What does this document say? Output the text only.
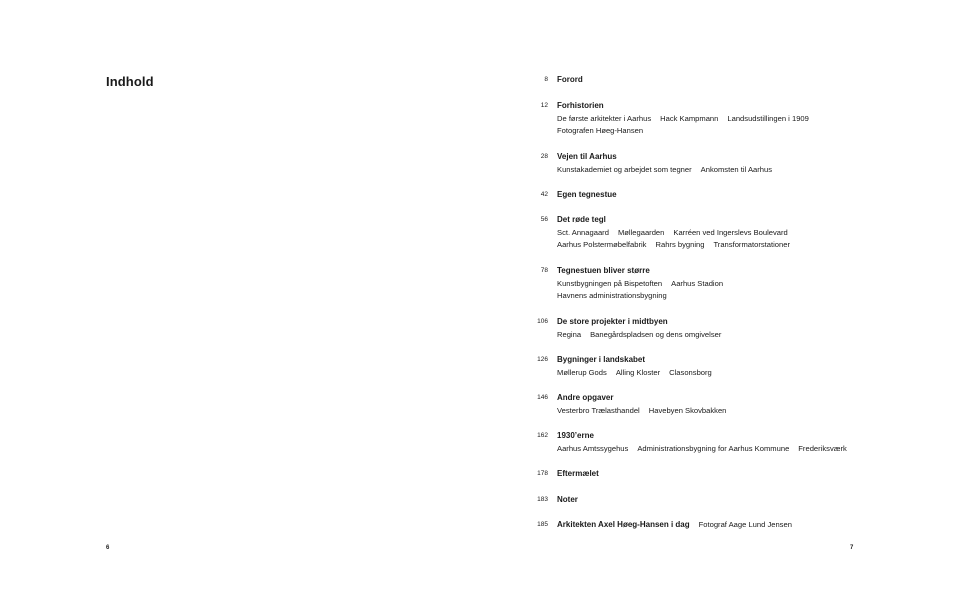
Indhold
6
8 Forord
12 Forhistorien
De første arkitekter i Aarhus Hack Kampmann Landsudstillingen i 1909
Fotografen Høeg-Hansen
28 Vejen til Aarhus
Kunstakademiet og arbejdet som tegner Ankomsten til Aarhus
42 Egen tegnestue
56 Det røde tegl
Sct. Annagaard Møllegaarden Karréen ved Ingerslevs Boulevard
Aarhus Polstermøbelfabrik Rahrs bygning Transformatorstationer
78 Tegnestuen bliver større
Kunstbygningen på Bispetoften Aarhus Stadion
Havnens administrationsbygning
106 De store projekter i midtbyen
Regina Banegårdspladsen og dens omgivelser
126 Bygninger i landskabet
Møllerup Gods Alling Kloster Clasonsborg
146 Andre opgaver
Vesterbro Trælasthandel Havebyen Skovbakken
162 1930’erne
Aarhus Amtssygehus Administrationsbygning for Aarhus Kommune Frederiksværk
178 Eftermælet
183 Noter
185 Arkitekten Axel Høeg-Hansen i dag Fotograf Aage Lund Jensen
7
